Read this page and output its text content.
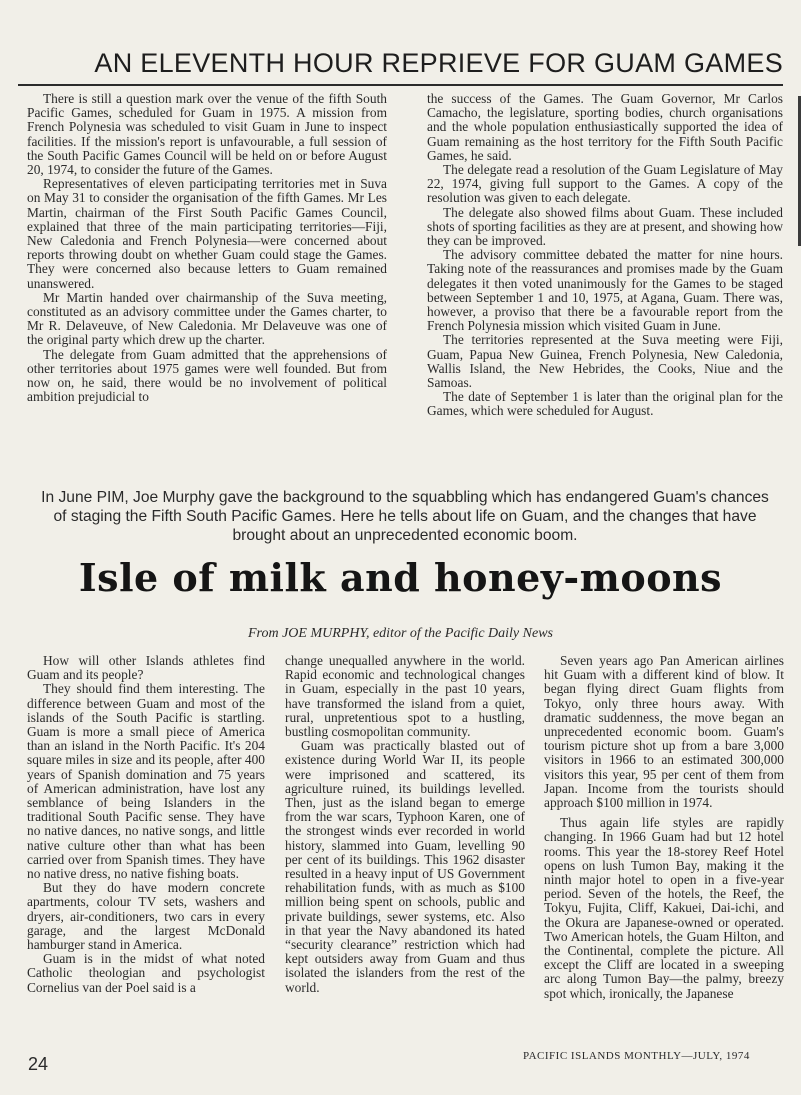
AN ELEVENTH HOUR REPRIEVE FOR GUAM GAMES

There is still a question mark over the venue of the fifth South Pacific Games, scheduled for Guam in 1975. A mission from French Polynesia was scheduled to visit Guam in June to inspect facilities. If the mission's report is unfavourable, a full session of the South Pacific Games Council will be held on or before August 20, 1974, to consider the future of the Games.

Representatives of eleven participating territories met in Suva on May 31 to consider the organisation of the fifth Games. Mr Les Martin, chairman of the First South Pacific Games Council, explained that three of the main participating territories—Fiji, New Caledonia and French Polynesia—were concerned about reports throwing doubt on whether Guam could stage the Games. They were concerned also because letters to Guam remained unanswered.

Mr Martin handed over chairmanship of the Suva meeting, constituted as an advisory committee under the Games charter, to Mr R. Delaveuve, of New Caledonia. Mr Delaveuve was one of the original party which drew up the charter.

The delegate from Guam admitted that the apprehensions of other territories about 1975 games were well founded. But from now on, he said, there would be no involvement of political ambition prejudicial to

the success of the Games. The Guam Governor, Mr Carlos Camacho, the legislature, sporting bodies, church organisations and the whole population enthusiastically supported the idea of Guam remaining as the host territory for the Fifth South Pacific Games, he said.

The delegate read a resolution of the Guam Legislature of May 22, 1974, giving full support to the Games. A copy of the resolution was given to each delegate.

The delegate also showed films about Guam. These included shots of sporting facilities as they are at present, and showing how they can be improved.

The advisory committee debated the matter for nine hours. Taking note of the reassurances and promises made by the Guam delegates it then voted unanimously for the Games to be staged between September 1 and 10, 1975, at Agana, Guam. There was, however, a proviso that there be a favourable report from the French Polynesia mission which visited Guam in June.

The territories represented at the Suva meeting were Fiji, Guam, Papua New Guinea, French Polynesia, New Caledonia, Wallis Island, the New Hebrides, the Cooks, Niue and the Samoas.

The date of September 1 is later than the original plan for the Games, which were scheduled for August.

In June PIM, Joe Murphy gave the background to the squabbling which has endangered Guam's chances of staging the Fifth South Pacific Games. Here he tells about life on Guam, and the changes that have brought about an unprecedented economic boom.

Isle of milk and honey-moons

From JOE MURPHY, editor of the Pacific Daily News

How will other Islands athletes find Guam and its people?

They should find them interesting. The difference between Guam and most of the islands of the South Pacific is startling. Guam is more a small piece of America than an island in the North Pacific. It's 204 square miles in size and its people, after 400 years of Spanish domination and 75 years of American administration, have lost any semblance of being Islanders in the traditional South Pacific sense. They have no native dances, no native songs, and little native culture other than what has been carried over from Spanish times. They have no native dress, no native fishing boats.

But they do have modern concrete apartments, colour TV sets, washers and dryers, air-conditioners, two cars in every garage, and the largest McDonald hamburger stand in America.

Guam is in the midst of what noted Catholic theologian and psychologist Cornelius van der Poel said is a

change unequalled anywhere in the world. Rapid economic and technological changes in Guam, especially in the past 10 years, have transformed the island from a quiet, rural, unpretentious spot to a hustling, bustling cosmopolitan community.

Guam was practically blasted out of existence during World War II, its people were imprisoned and scattered, its agriculture ruined, its buildings levelled. Then, just as the island began to emerge from the war scars, Typhoon Karen, one of the strongest winds ever recorded in world history, slammed into Guam, levelling 90 per cent of its buildings. This 1962 disaster resulted in a heavy input of US Government rehabilitation funds, with as much as $100 million being spent on schools, public and private buildings, sewer systems, etc. Also in that year the Navy abandoned its hated “security clearance” restriction which had kept outsiders away from Guam and thus isolated the islanders from the rest of the world.

Seven years ago Pan American airlines hit Guam with a different kind of blow. It began flying direct Guam flights from Tokyo, only three hours away. With dramatic suddenness, the move began an unprecedented economic boom. Guam's tourism picture shot up from a bare 3,000 visitors in 1966 to an estimated 300,000 visitors this year, 95 per cent of them from Japan. Income from the tourists should approach $100 million in 1974.

Thus again life styles are rapidly changing. In 1966 Guam had but 12 hotel rooms. This year the 18-storey Reef Hotel opens on lush Tumon Bay, making it the ninth major hotel to open in a five-year period. Seven of the hotels, the Reef, the Tokyu, Fujita, Cliff, Kakuei, Dai-ichi, and the Okura are Japanese-owned or operated. Two American hotels, the Guam Hilton, and the Continental, complete the picture. All except the Cliff are located in a sweeping arc along Tumon Bay—the palmy, breezy spot which, ironically, the Japanese

24	PACIFIC ISLANDS MONTHLY—JULY, 1974
